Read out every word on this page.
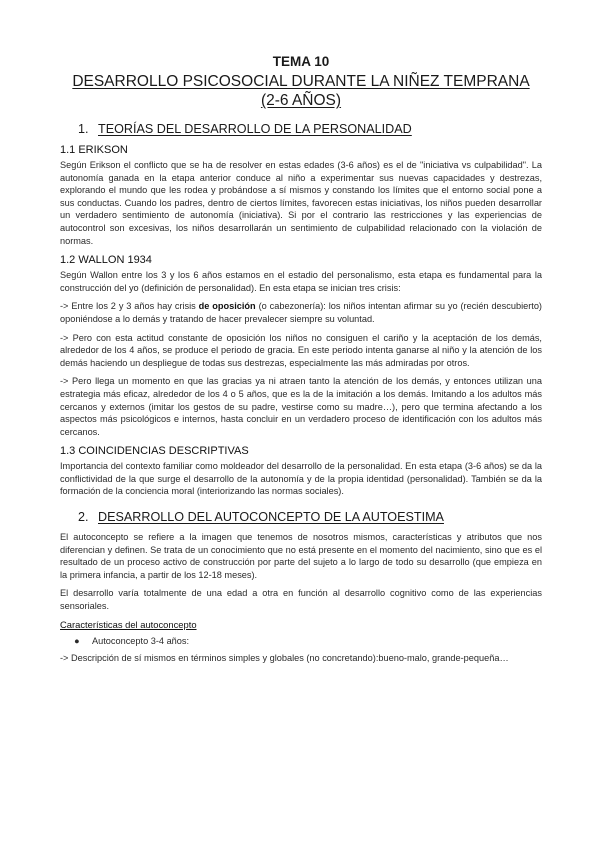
TEMA 10
DESARROLLO PSICOSOCIAL DURANTE LA NIÑEZ TEMPRANA
(2-6 AÑOS)
1. TEORÍAS DEL DESARROLLO DE LA PERSONALIDAD
1.1 ERIKSON

Según Erikson el conflicto que se ha de resolver en estas edades (3-6 años) es el de "iniciativa vs culpabilidad". La autonomía ganada en la etapa anterior conduce al niño a experimentar sus nuevas capacidades y destrezas, explorando el mundo que les rodea y probándose a sí mismos y constando los límites que el entorno social pone a sus conductas. Cuando los padres, dentro de ciertos límites, favorecen estas iniciativas, los niños pueden desarrollar un verdadero sentimiento de autonomía (iniciativa). Si por el contrario las restricciones y las experiencias de autocontrol son excesivas, los niños desarrollarán un sentimiento de culpabilidad relacionado con la violación de normas.

1.2 WALLON 1934

Según Wallon entre los 3 y los 6 años estamos en el estadio del personalismo, esta etapa es fundamental para la construcción del yo (definición de personalidad). En esta etapa se inician tres crisis:

-> Entre los 2 y 3 años hay crisis de oposición (o cabezonería): los niños intentan afirmar su yo (recién descubierto) oponiéndose a lo demás y tratando de hacer prevalecer siempre su voluntad.

-> Pero con esta actitud constante de oposición los niños no consiguen el cariño y la aceptación de los demás, alrededor de los 4 años, se produce el periodo de gracia. En este periodo intenta ganarse al niño y la atención de los demás haciendo un despliegue de todas sus destrezas, especialmente las más admiradas por otros.

-> Pero llega un momento en que las gracias ya ni atraen tanto la atención de los demás, y entonces utilizan una estrategia más eficaz, alrededor de los 4 o 5 años, que es la de la imitación a los demás. Imitando a los adultos más cercanos y externos (imitar los gestos de su padre, vestirse como su madre…), pero que termina afectando a los aspectos más psicológicos e internos, hasta concluir en un verdadero proceso de identificación con los adultos más cercanos.

1.3 COINCIDENCIAS DESCRIPTIVAS

Importancia del contexto familiar como moldeador del desarrollo de la personalidad. En esta etapa (3-6 años) se da la conflictividad de la que surge el desarrollo de la autonomía y de la propia identidad (personalidad). También se da la formación de la conciencia moral (interiorizando las normas sociales).

2. DESARROLLO DEL AUTOCONCEPTO DE LA AUTOESTIMA

El autoconcepto se refiere a la imagen que tenemos de nosotros mismos, características y atributos que nos diferencian y definen. Se trata de un conocimiento que no está presente en el momento del nacimiento, sino que es el resultado de un proceso activo de construcción por parte del sujeto a lo largo de todo su desarrollo (que empieza en la primera infancia, a partir de los 12-18 meses).

El desarrollo varía totalmente de una edad a otra en función al desarrollo cognitivo como de las experiencias sensoriales.

Características del autoconcepto
● Autoconcepto 3-4 años:

-> Descripción de sí mismos en términos simples y globales (no concretando):bueno-malo, grande-pequeña…
